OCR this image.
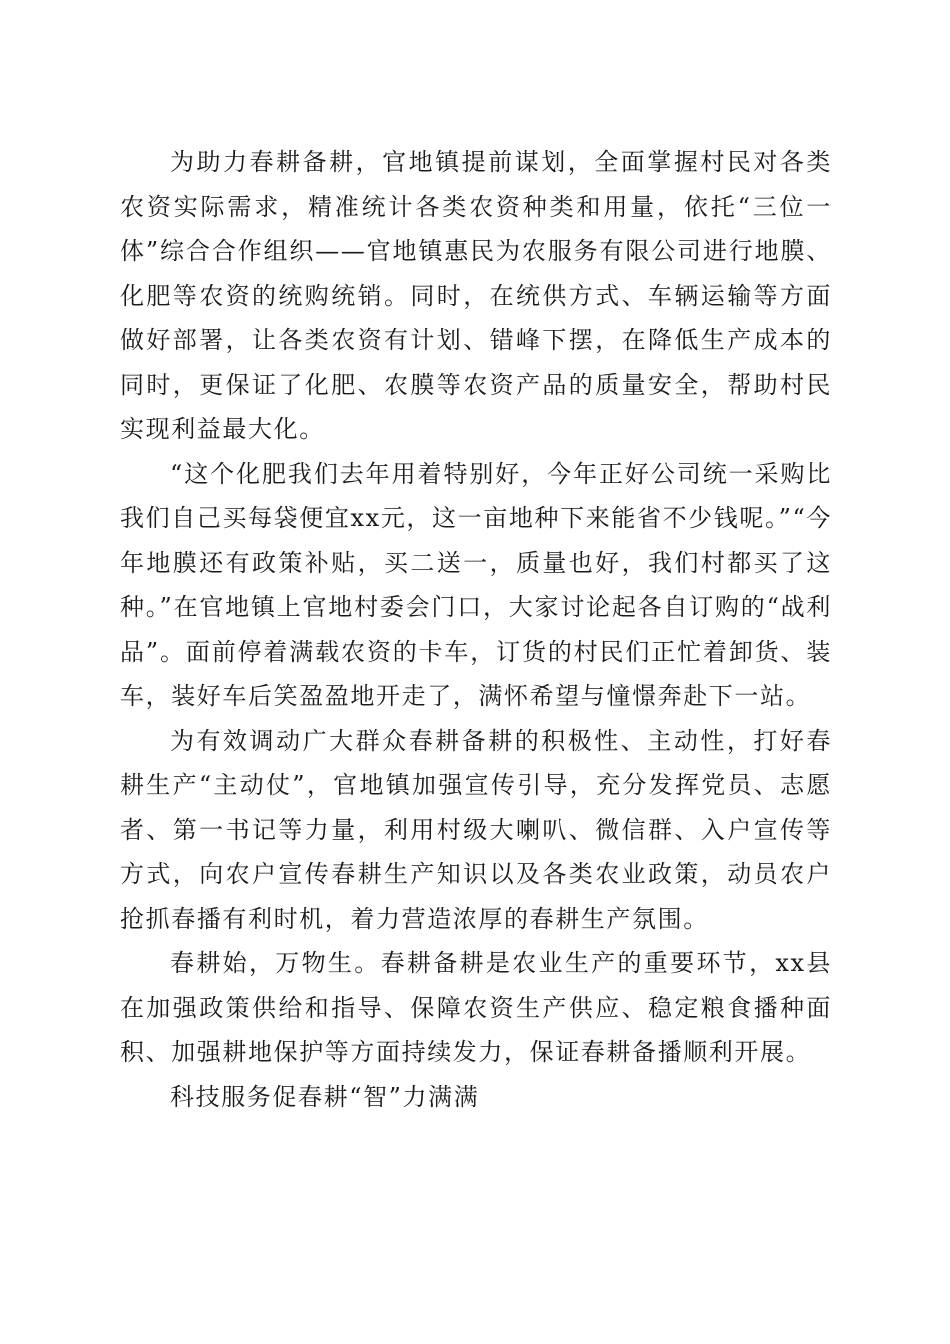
为助力春耕备耕，官地镇提前谋划，全面掌握村民对各类农资实际需求，精准统计各类农资种类和用量，依托“三位一体”综合合作组织——官地镇惠民为农服务有限公司进行地膜、化肥等农资的统购统销。同时，在统供方式、车辆运输等方面做好部署，让各类农资有计划、错峰下摆，在降低生产成本的同时，更保证了化肥、农膜等农资产品的质量安全，帮助村民实现利益最大化。

“这个化肥我们去年用着特别好，今年正好公司统一采购比我们自己买每袋便宜xx元，这一亩地种下来能省不少钱呢。”“今年地膜还有政策补贴，买二送一，质量也好，我们村都买了这种。”在官地镇上官地村委会门口，大家讨论起各自订购的“战利品”。面前停着满载农资的卡车，订货的村民们正忙着卸货、装车，装好车后笑盈盈地开走了，满怀希望与憧憬奔赴下一站。

为有效调动广大群众春耕备耕的积极性、主动性，打好春耕生产“主动仗”，官地镇加强宣传引导，充分发挥党员、志愿者、第一书记等力量，利用村级大喇叭、微信群、入户宣传等方式，向农户宣传春耕生产知识以及各类农业政策，动员农户抢抓春播有利时机，着力营造浓厚的春耕生产氛围。

春耕始，万物生。春耕备耕是农业生产的重要环节，xx县在加强政策供给和指导、保障农资生产供应、稳定粮食播种面积、加强耕地保护等方面持续发力，保证春耕备播顺利开展。

科技服务促春耕“智”力满满
